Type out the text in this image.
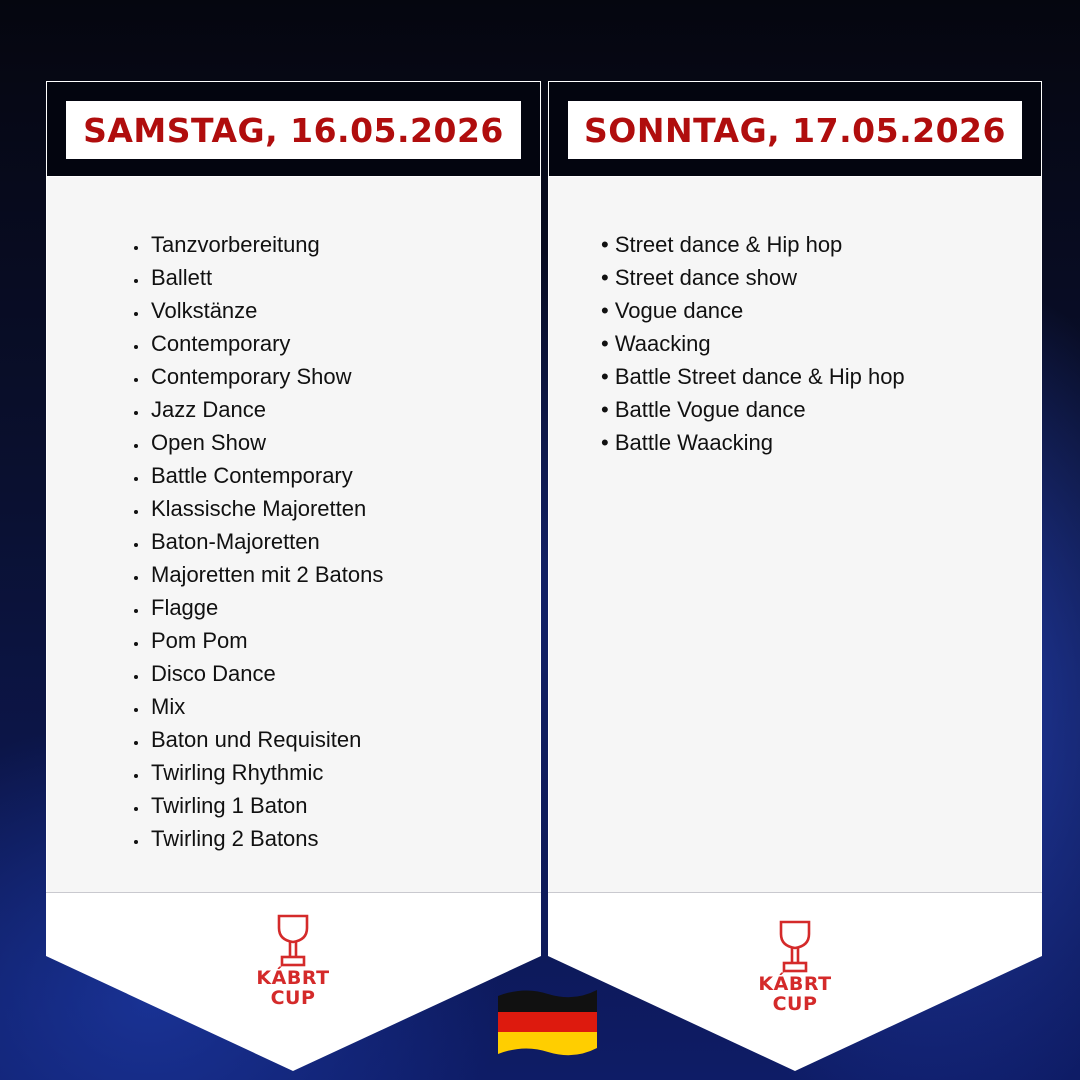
SAMSTAG, 16.05.2026
• Tanzvorbereitung
• Ballett
• Volkstänze
• Contemporary
• Contemporary Show
• Jazz Dance
• Open Show
• Battle Contemporary
• Klassische Majoretten
• Baton-Majoretten
• Majoretten mit 2 Batons
• Flagge
• Pom Pom
• Disco Dance
• Mix
• Baton und Requisiten
• Twirling Rhythmic
• Twirling 1 Baton
• Twirling 2 Batons
KÁBRT
CUP
SONNTAG, 17.05.2026
• Street dance & Hip hop
• Street dance show
• Vogue dance
• Waacking
• Battle Street dance & Hip hop
• Battle Vogue dance
• Battle Waacking
KÁBRT
CUP
